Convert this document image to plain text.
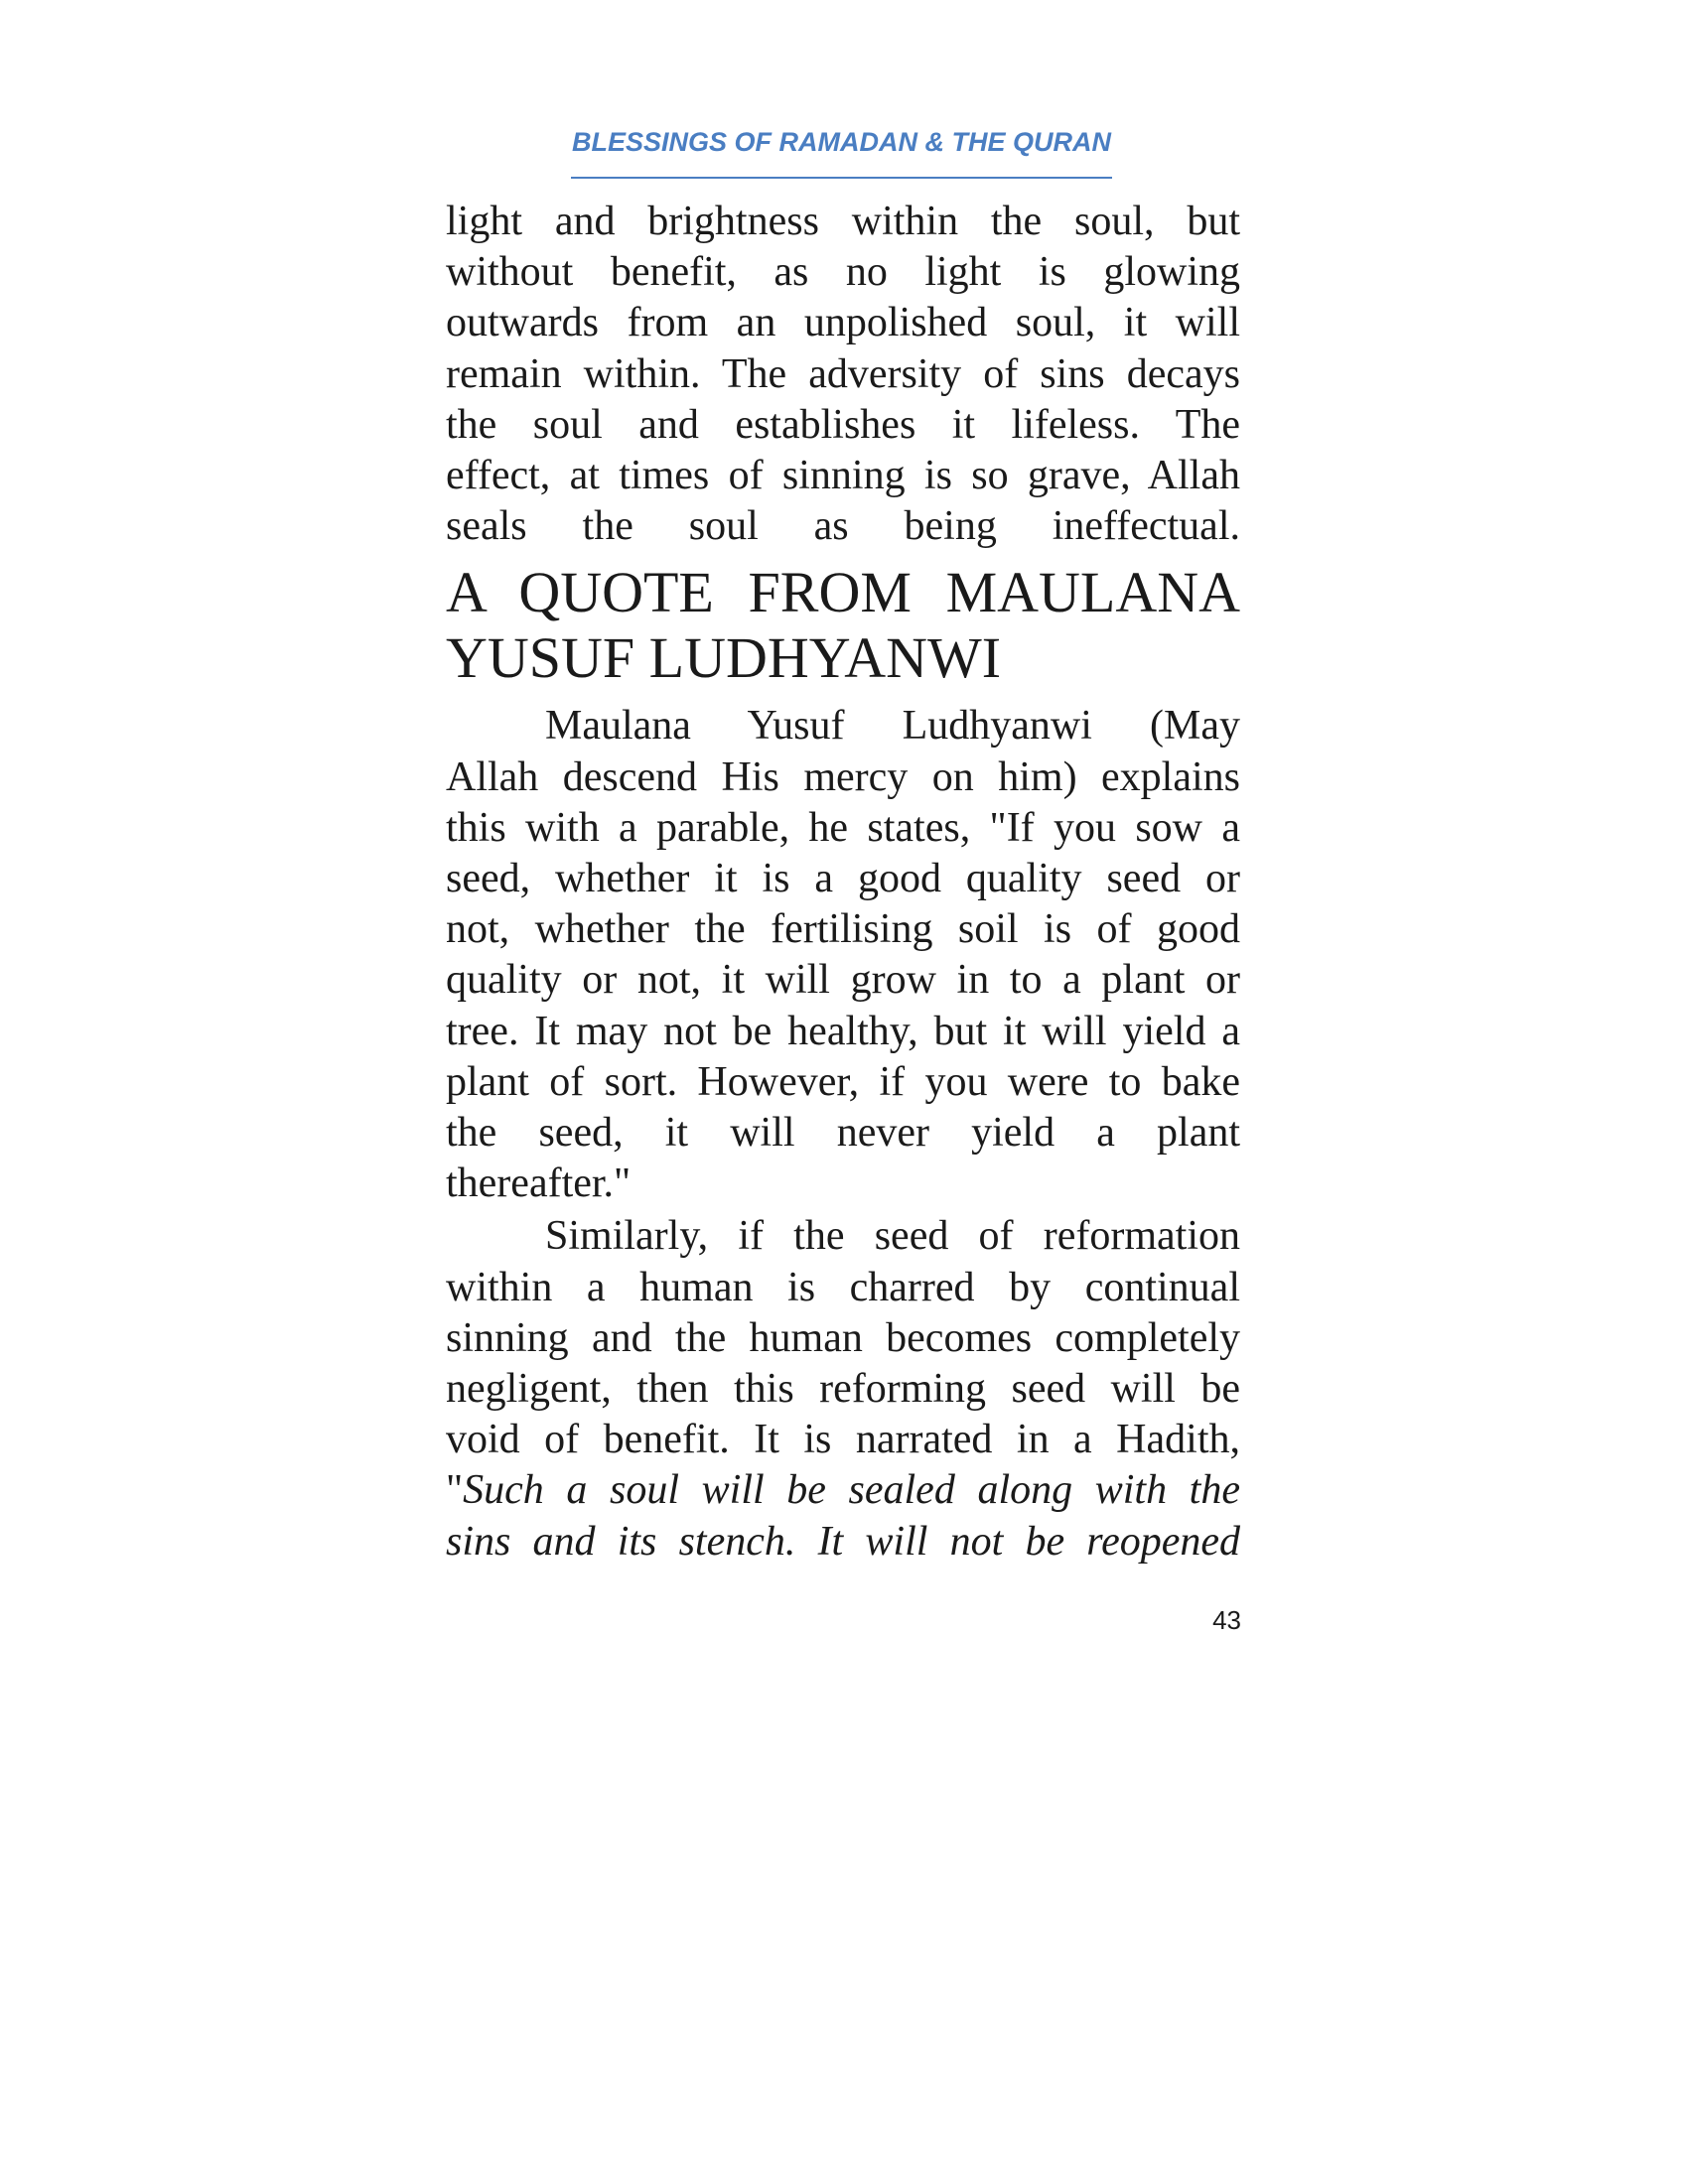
BLESSINGS OF RAMADAN & THE QURAN
light and brightness within the soul, but
without benefit, as no light is glowing
outwards from an unpolished soul, it will
remain within. The adversity of sins decays
the soul and establishes it lifeless. The
effect, at times of sinning is so grave, Allah
seals the soul as being ineffectual.
A QUOTE FROM MAULANA
YUSUF LUDHYANWI
Maulana Yusuf Ludhyanwi (May
Allah descend His mercy on him) explains
this with a parable, he states, "If you sow a
seed, whether it is a good quality seed or
not, whether the fertilising soil is of good
quality or not, it will grow in to a plant or
tree. It may not be healthy, but it will yield a
plant of sort. However, if you were to bake
the seed, it will never yield a plant
thereafter."
Similarly, if the seed of reformation
within a human is charred by continual
sinning and the human becomes completely
negligent, then this reforming seed will be
void of benefit. It is narrated in a Hadith,
"Such a soul will be sealed along with the
sins and its stench. It will not be reopened
43
